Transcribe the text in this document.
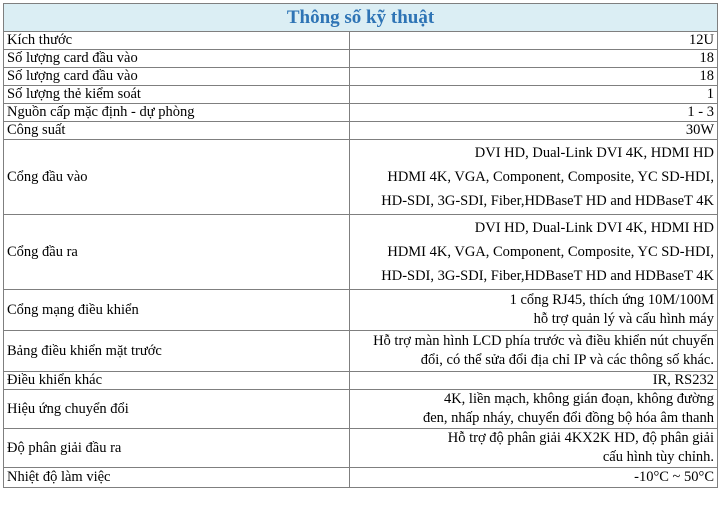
Thông số kỹ thuật	
Kích thước	12U

Số lượng card đầu vào	18

Số lượng card đầu vào	18

Số lượng thẻ kiểm soát	1

Nguồn cấp mặc định - dự phòng	1 - 3

Công suất	30W

Cổng đầu vào	DVI HD, Dual-Link DVI 4K, HDMI HD
HDMI 4K, VGA, Component, Composite, YC SD-HDI,
HD-SDI, 3G-SDI, Fiber,HDBaseT HD and HDBaseT 4K

Cổng đầu ra	DVI HD, Dual-Link DVI 4K, HDMI HD
HDMI 4K, VGA, Component, Composite, YC SD-HDI,
HD-SDI, 3G-SDI, Fiber,HDBaseT HD and HDBaseT 4K

Cổng mạng điều khiển	1 cổng RJ45, thích ứng 10M/100M
hỗ trợ quản lý và cấu hình máy

Bảng điều khiển mặt trước	Hỗ trợ màn hình LCD phía trước và điều khiển nút chuyển
đổi, có thể sửa đổi địa chỉ IP và các thông số khác.

Điều khiển khác	IR, RS232

Hiệu ứng chuyển đổi	4K, liền mạch, không gián đoạn, không đường
đen, nhấp nháy, chuyển đổi đồng bộ hóa âm thanh

Độ phân giải đầu ra	Hỗ trợ độ phân giải 4KX2K HD, độ phân giải
cấu hình tùy chỉnh.

Nhiệt độ làm việc	-10°C ~ 50°C
